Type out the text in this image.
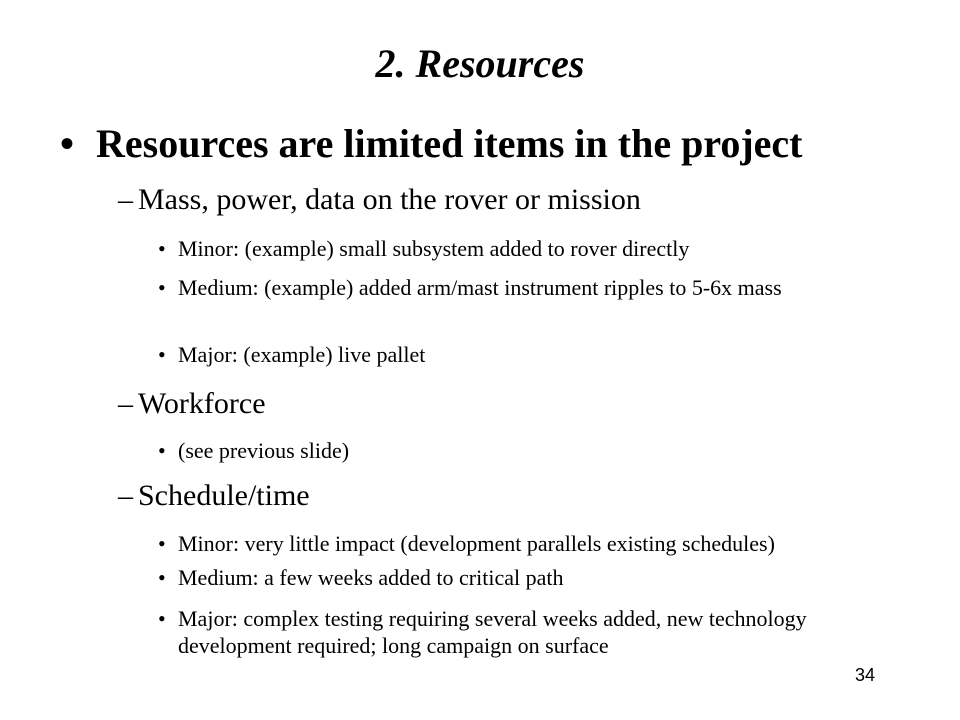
2. Resources
• Resources are limited items in the project
– Mass, power, data on the rover or mission
• Minor: (example) small subsystem added to rover directly
• Medium: (example) added arm/mast instrument ripples to 5-6x mass
• Major: (example) live pallet
– Workforce
• (see previous slide)
– Schedule/time
• Minor: very little impact (development parallels existing schedules)
• Medium: a few weeks added to critical path
• Major: complex testing requiring several weeks added, new technology development required; long campaign on surface
34
